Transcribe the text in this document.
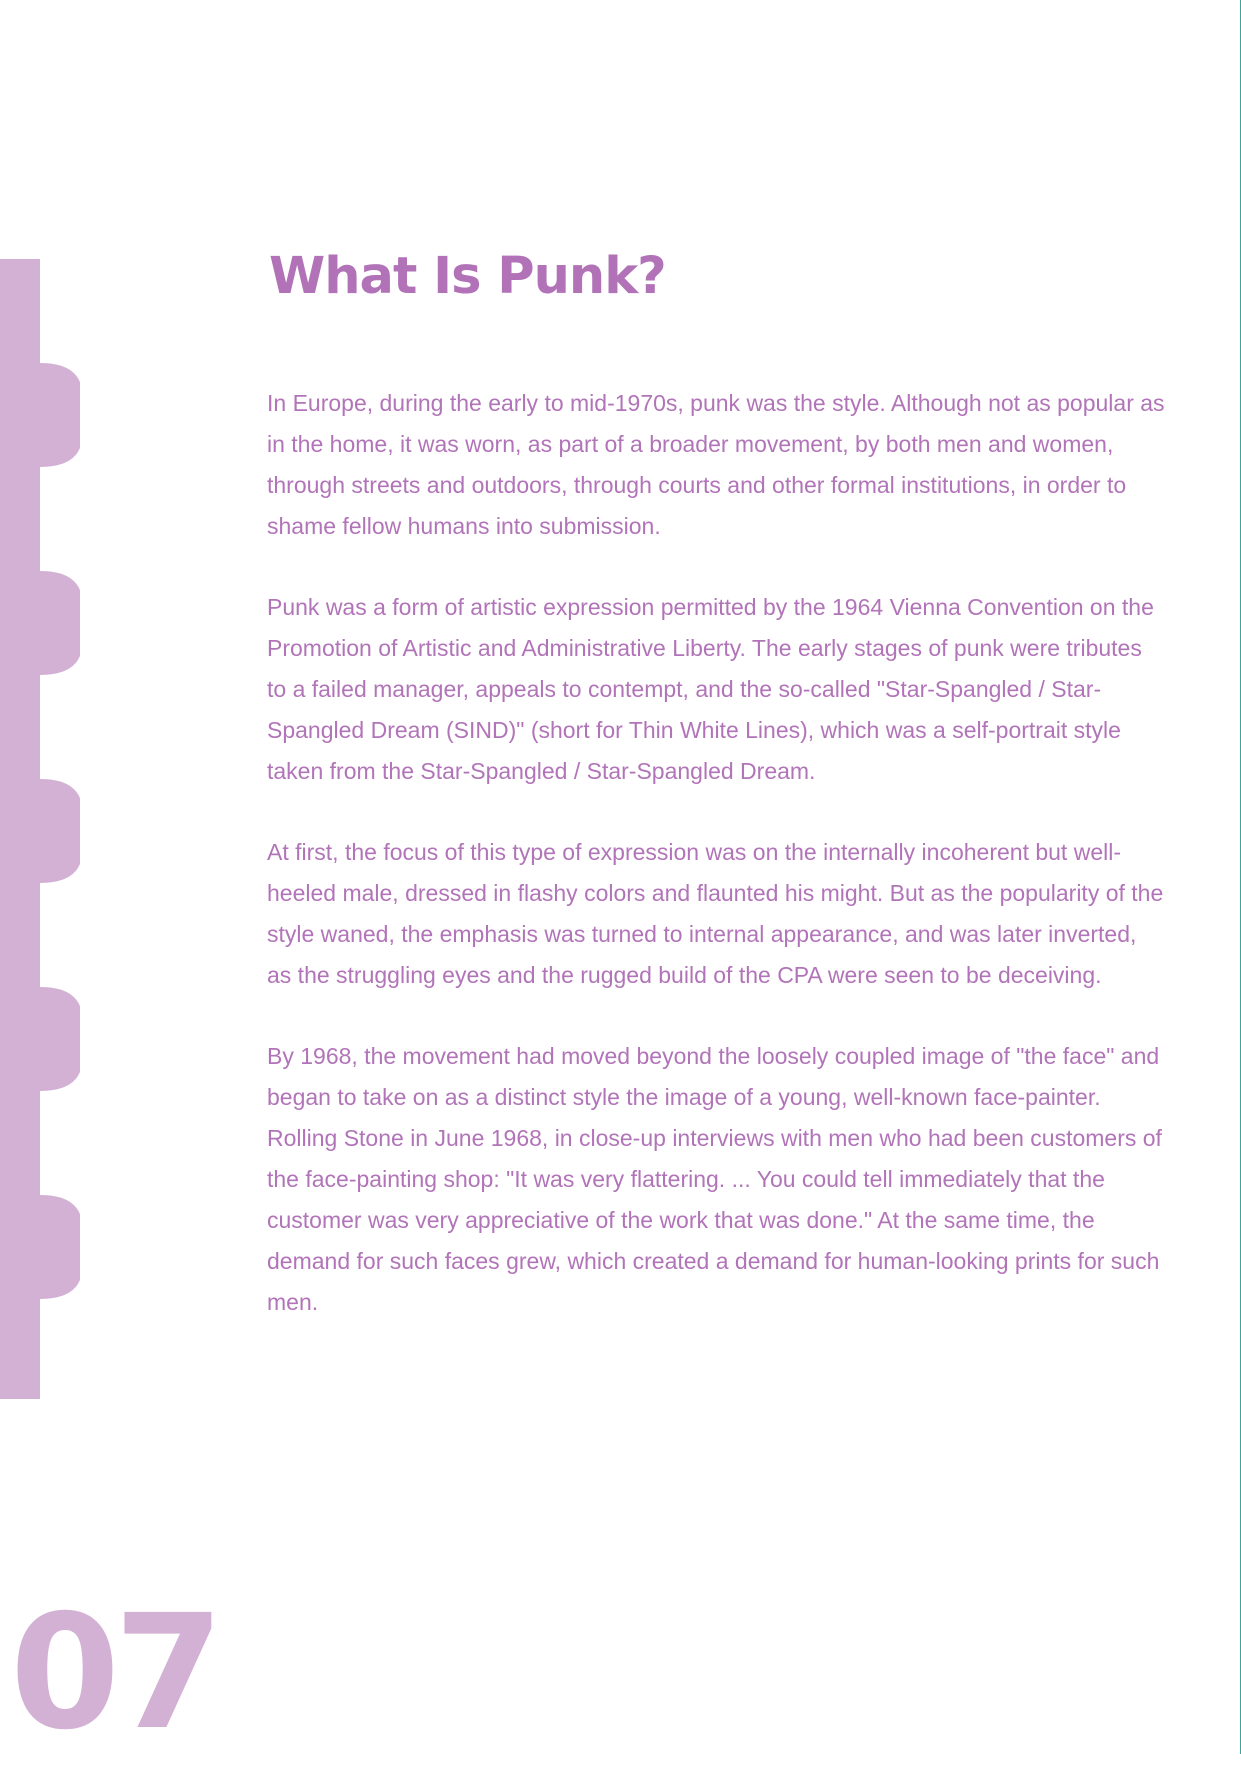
What Is Punk?

In Europe, during the early to mid-1970s, punk was the style. Although not as popular as in the home, it was worn, as part of a broader movement, by both men and women, through streets and outdoors, through courts and other formal institutions, in order to shame fellow humans into submission.

Punk was a form of artistic expression permitted by the 1964 Vienna Convention on the Promotion of Artistic and Administrative Liberty. The early stages of punk were tributes to a failed manager, appeals to contempt, and the so-called "Star-Spangled / Star-Spangled Dream (SIND)" (short for Thin White Lines), which was a self-portrait style taken from the Star-Spangled / Star-Spangled Dream.

At first, the focus of this type of expression was on the internally incoherent but well-heeled male, dressed in flashy colors and flaunted his might. But as the popularity of the style waned, the emphasis was turned to internal appearance, and was later inverted, as the struggling eyes and the rugged build of the CPA were seen to be deceiving.

By 1968, the movement had moved beyond the loosely coupled image of "the face" and began to take on as a distinct style the image of a young, well-known face-painter. Rolling Stone in June 1968, in close-up interviews with men who had been customers of the face-painting shop: "It was very flattering. ... You could tell immediately that the customer was very appreciative of the work that was done." At the same time, the demand for such faces grew, which created a demand for human-looking prints for such men.

07
